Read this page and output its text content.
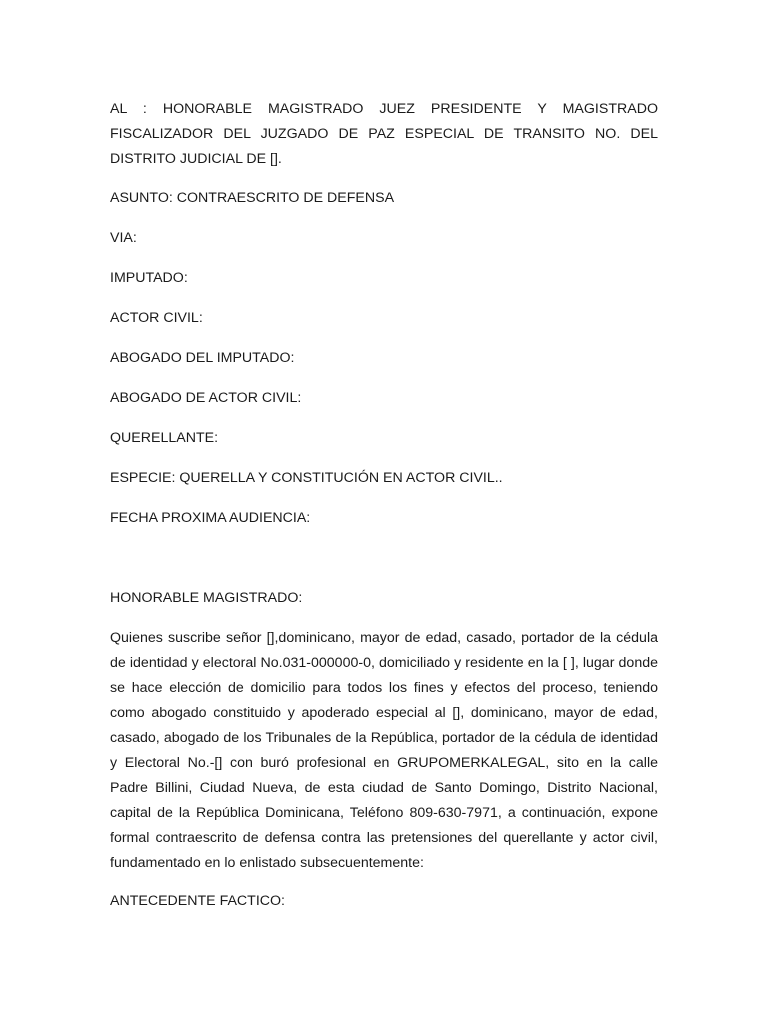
AL : HONORABLE MAGISTRADO JUEZ PRESIDENTE Y MAGISTRADO
FISCALIZADOR DEL JUZGADO DE PAZ ESPECIAL DE TRANSITO NO. DEL
DISTRITO JUDICIAL DE [].

ASUNTO: CONTRAESCRITO DE DEFENSA

VIA:

IMPUTADO:

ACTOR CIVIL:

ABOGADO DEL IMPUTADO:

ABOGADO DE ACTOR CIVIL:

QUERELLANTE:

ESPECIE: QUERELLA Y CONSTITUCIÓN EN ACTOR CIVIL..

FECHA PROXIMA AUDIENCIA:

HONORABLE MAGISTRADO:

Quienes suscribe señor [],dominicano, mayor de edad, casado, portador de la cédula de identidad y electoral No.031-000000-0, domiciliado y residente en la [ ], lugar donde se hace elección de domicilio para todos los fines y efectos del proceso, teniendo como abogado constituido y apoderado especial al [], dominicano, mayor de edad, casado, abogado de los Tribunales de la República, portador de la cédula de identidad y Electoral No.-[] con buró profesional en GRUPOMERKALEGAL, sito en la calle Padre Billini, Ciudad Nueva, de esta ciudad de Santo Domingo, Distrito Nacional, capital de la República Dominicana, Teléfono 809-630-7971, a continuación, expone formal contraescrito de defensa contra las pretensiones del querellante y actor civil, fundamentado en lo enlistado subsecuentemente:

ANTECEDENTE FACTICO:
